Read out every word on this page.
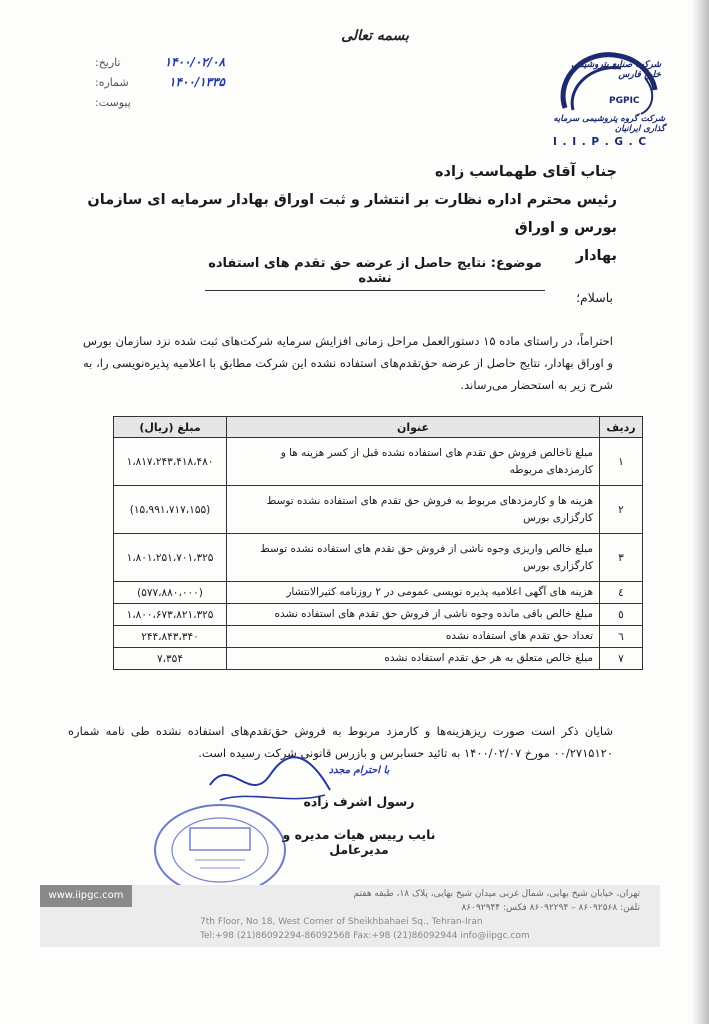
بسمه تعالی
شرکت صنایع پتروشیمی خلیج فارس
PGPIC
شرکت گروه پتروشیمی سرمایه گذاری ایرانیان
I . I . P . G . C
تاریخ:	۱۴۰۰/۰۲/۰۸
شماره:	۱۴۰۰/۱۳۳۵
پیوست:
جناب آقای طهماسب زاده
رئیس محترم اداره نظارت بر انتشار و ثبت اوراق بهادار سرمایه ای سازمان بورس و اوراق
بهادار
موضوع: نتایج حاصل از عرضه حق تقدم های استفاده نشده
باسلام؛
احتراماً، در راستای ماده ۱۵ دستورالعمل مراحل زمانی افزایش سرمایه شرکت‌های ثبت شده نزد سازمان بورس و اوراق بهادار، نتایج حاصل از عرضه حق‌تقدم‌های استفاده نشده این شرکت مطابق با اعلامیه پذیره‌نویسی را، به شرح زیر به استحضار می‌رساند.
ردیف	عنوان	مبلغ (ریال)
۱	مبلغ ناخالص فروش حق تقدم های استفاده نشده قبل از کسر هزینه ها و کارمزدهای مربوطه	۱،۸۱۷،۲۴۳،۴۱۸،۴۸۰
۲	هزینه ها و کارمزدهای مربوط به فروش حق تقدم های استفاده نشده توسط کارگزاری بورس	(۱۵،۹۹۱،۷۱۷،۱۵۵)
۳	مبلغ خالص واریزی وجوه ناشی از فروش حق تقدم های استفاده نشده توسط کارگزاری بورس	۱،۸۰۱،۲۵۱،۷۰۱،۳۲۵
٤	هزینه های آگهی اعلامیه پذیره نویسی عمومی در ۲ روزنامه کثیرالانتشار	(۵۷۷،۸۸۰،۰۰۰)
٥	مبلغ خالص باقی مانده وجوه ناشی از فروش حق تقدم های استفاده نشده	۱،۸۰۰،۶۷۳،۸۲۱،۳۲۵
٦	تعداد حق تقدم های استفاده نشده	۲۴۴،۸۴۳،۳۴۰
۷	مبلغ خالص متعلق به هر حق تقدم استفاده نشده	۷،۳۵۴
شایان ذکر است صورت ریزهزینه‌ها و کارمزد مربوط به فروش حق‌تقدم‌های استفاده نشده طی نامه شماره ۰۰/۲۷۱۵۱۲۰ مورخ ۱۴۰۰/۰۲/۰۷ به تائید حسابرس و بازرس قانونی شرکت رسیده است.
با احترام مجدد
رسول اشرف زاده
نایب رییس هیات مدیره و مدیرعامل
www.iipgc.com	تهران، خیابان شیخ بهایی، شمال غربی میدان شیخ بهایی، پلاک ۱۸، طبقه هفتم
تلفن: ۸۶۰۹۲۵۶۸ – ۸۶۰۹۲۲۹۴ فکس: ۸۶۰۹۲۹۴۴
7th Floor, No 18, West Corner of Sheikhbahaei Sq., Tehran-Iran
Tel:+98 (21)86092294-86092568 Fax:+98 (21)86092944 info@iipgc.com
